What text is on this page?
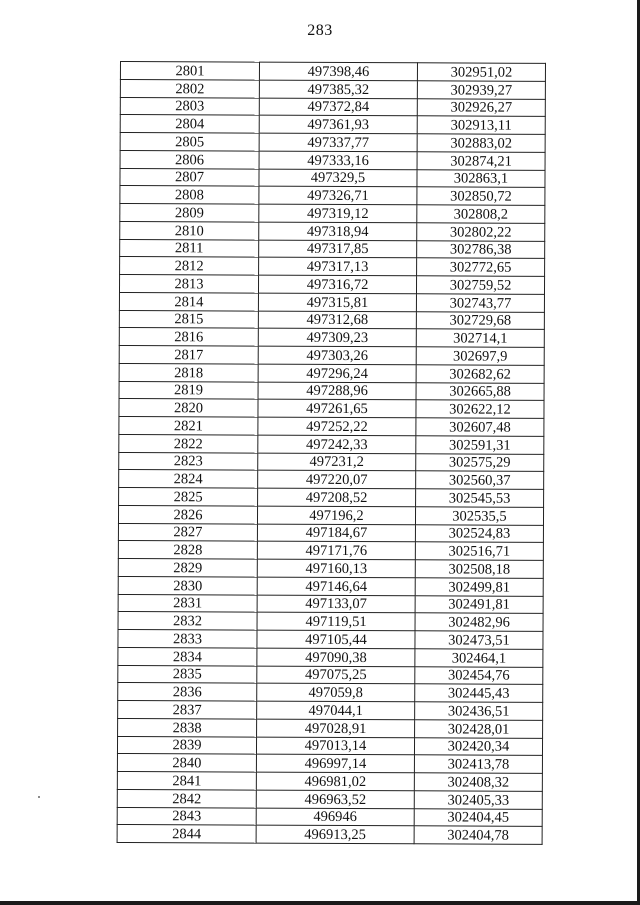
283
2801	497398,46	302951,02
2802	497385,32	302939,27
2803	497372,84	302926,27
2804	497361,93	302913,11
2805	497337,77	302883,02
2806	497333,16	302874,21
2807	497329,5	302863,1
2808	497326,71	302850,72
2809	497319,12	302808,2
2810	497318,94	302802,22
2811	497317,85	302786,38
2812	497317,13	302772,65
2813	497316,72	302759,52
2814	497315,81	302743,77
2815	497312,68	302729,68
2816	497309,23	302714,1
2817	497303,26	302697,9
2818	497296,24	302682,62
2819	497288,96	302665,88
2820	497261,65	302622,12
2821	497252,22	302607,48
2822	497242,33	302591,31
2823	497231,2	302575,29
2824	497220,07	302560,37
2825	497208,52	302545,53
2826	497196,2	302535,5
2827	497184,67	302524,83
2828	497171,76	302516,71
2829	497160,13	302508,18
2830	497146,64	302499,81
2831	497133,07	302491,81
2832	497119,51	302482,96
2833	497105,44	302473,51
2834	497090,38	302464,1
2835	497075,25	302454,76
2836	497059,8	302445,43
2837	497044,1	302436,51
2838	497028,91	302428,01
2839	497013,14	302420,34
2840	496997,14	302413,78
2841	496981,02	302408,32
2842	496963,52	302405,33
2843	496946	302404,45
2844	496913,25	302404,78
